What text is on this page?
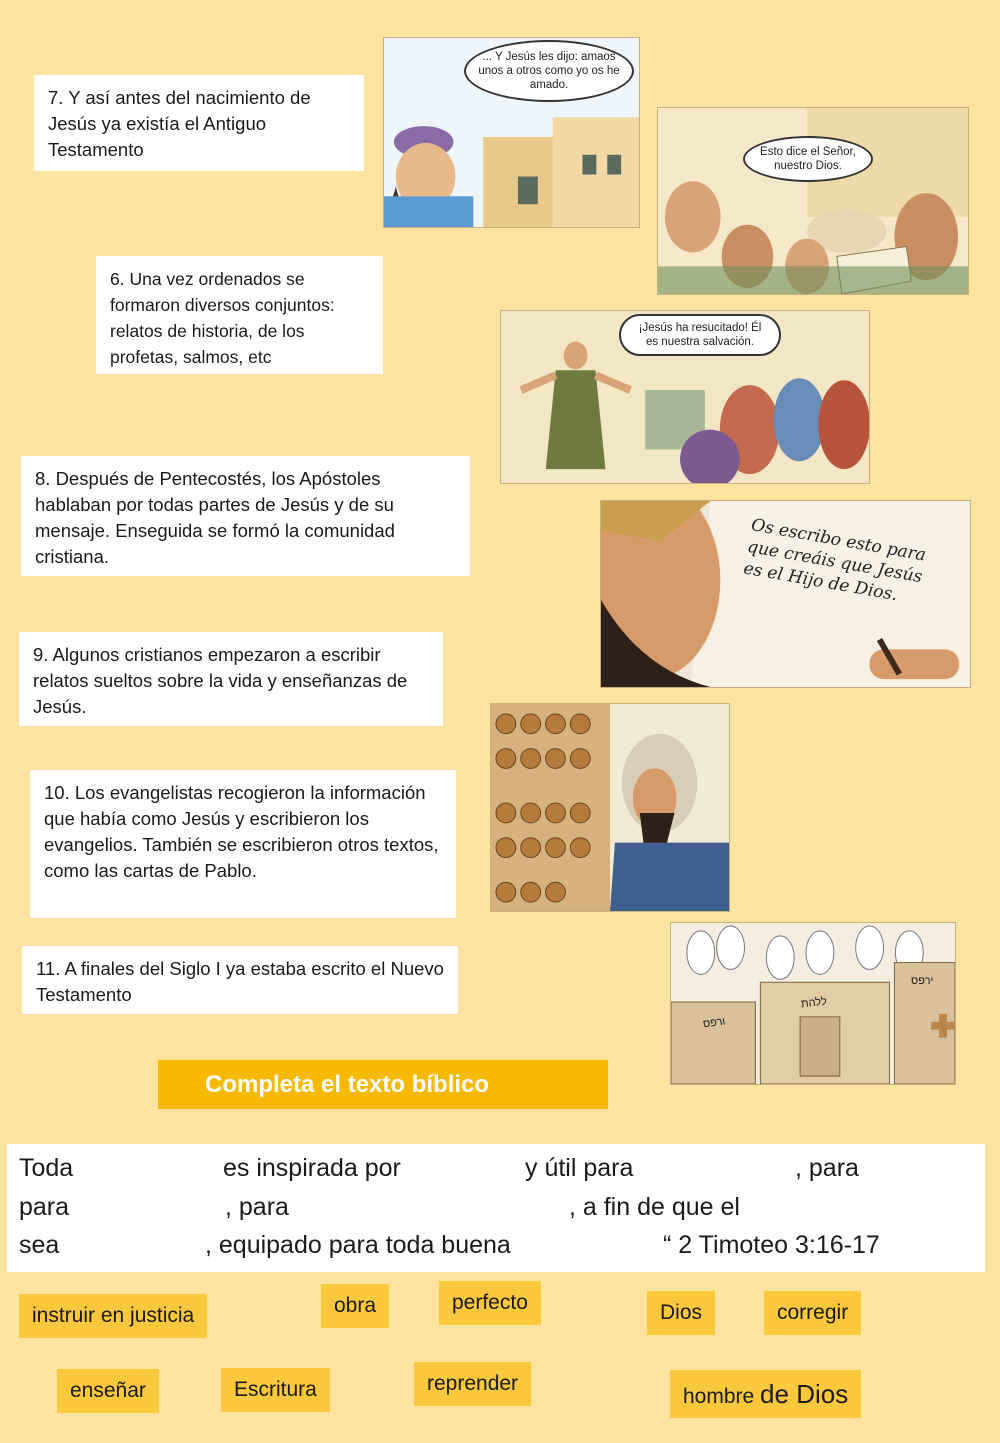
7. Y así antes del nacimiento de Jesús ya existía el Antiguo Testamento
6. Una vez ordenados se formaron diversos conjuntos: relatos de historia, de los profetas, salmos, etc
8. Después de Pentecostés, los Apóstoles hablaban por todas partes de Jesús y de su mensaje. Enseguida se formó la comunidad cristiana.
9. Algunos cristianos empezaron a escribir relatos sueltos sobre la vida y enseñanzas de Jesús.
10. Los evangelistas recogieron la información que había como Jesús y escribieron los evangelios. También se escribieron otros textos, como las cartas de Pablo.
11. A finales del Siglo I ya estaba escrito el Nuevo Testamento
... Y Jesús les dijo: amaos unos a otros como yo os he amado.
Esto dice el Señor, nuestro Dios.
¡Jesús ha resucitado! Él es nuestra salvación.
Os escribo esto para que creáis que Jesús es el Hijo de Dios.
ורפס
ללהת
ירפס
Completa el texto bíblico
Toda	es inspirada por	y útil para	, para
para	, para	, a fin de que el
sea	, equipado para toda buena	“ 2 Timoteo 3:16-17
instruir en justicia	obra	perfecto	Dios	corregir
enseñar	Escritura	reprender
hombre de Dios
